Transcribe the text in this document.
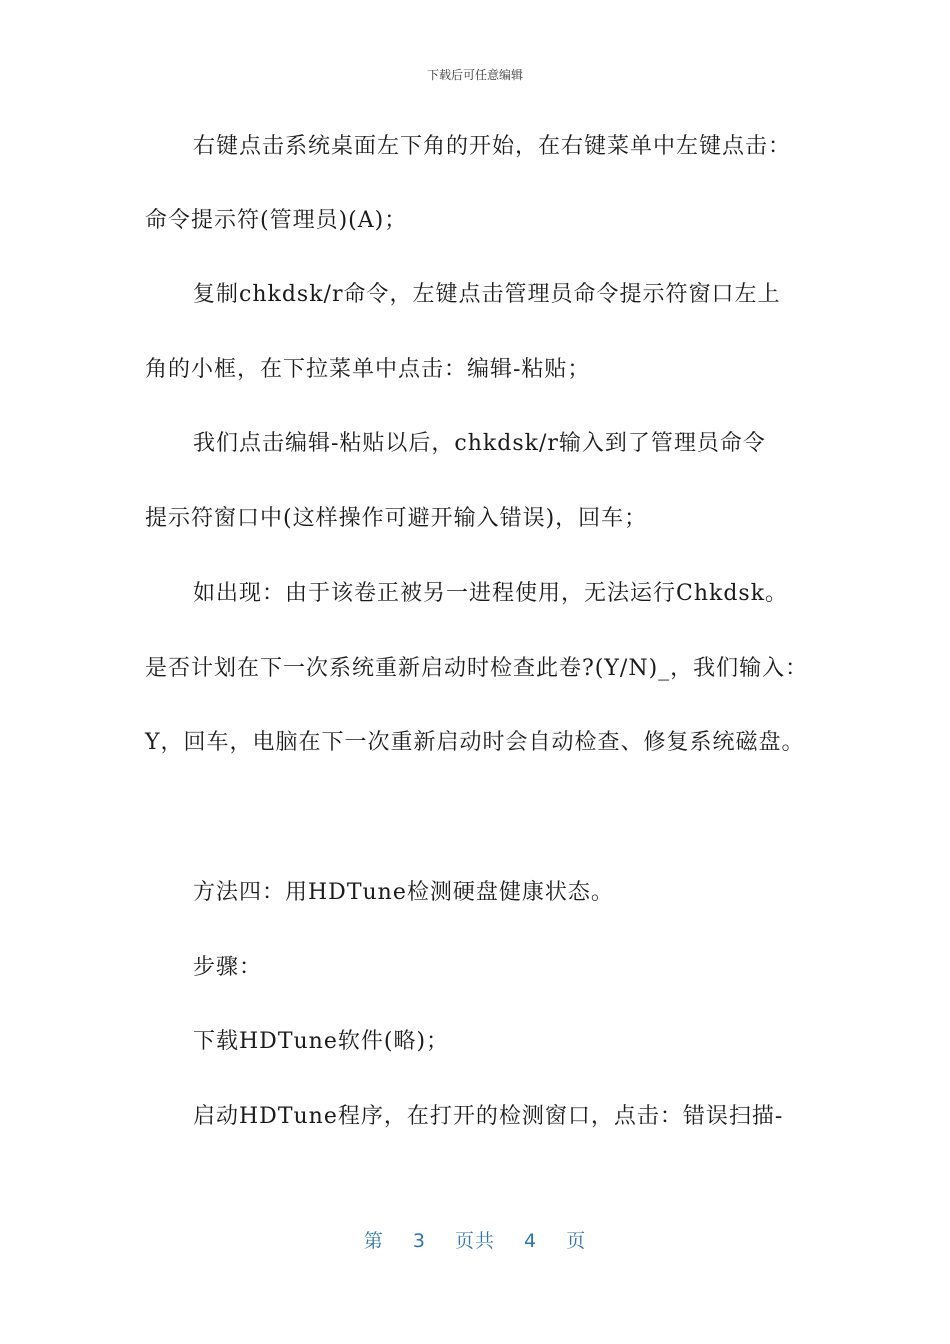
下载后可任意编辑
右键点击系统桌面左下角的开始，在右键菜单中左键点击：
命令提示符(管理员)(A)；
复制chkdsk/r命令，左键点击管理员命令提示符窗口左上
角的小框，在下拉菜单中点击：编辑-粘贴；
我们点击编辑-粘贴以后，chkdsk/r输入到了管理员命令
提示符窗口中(这样操作可避开输入错误)，回车；
如出现：由于该卷正被另一进程使用，无法运行Chkdsk。
是否计划在下一次系统重新启动时检查此卷?(Y/N)_，我们输入：
Y，回车，电脑在下一次重新启动时会自动检查、修复系统磁盘。
方法四：用HDTune检测硬盘健康状态。
步骤：
下载HDTune软件(略)；
启动HDTune程序，在打开的检测窗口，点击：错误扫描-
第 3 页共 4 页
